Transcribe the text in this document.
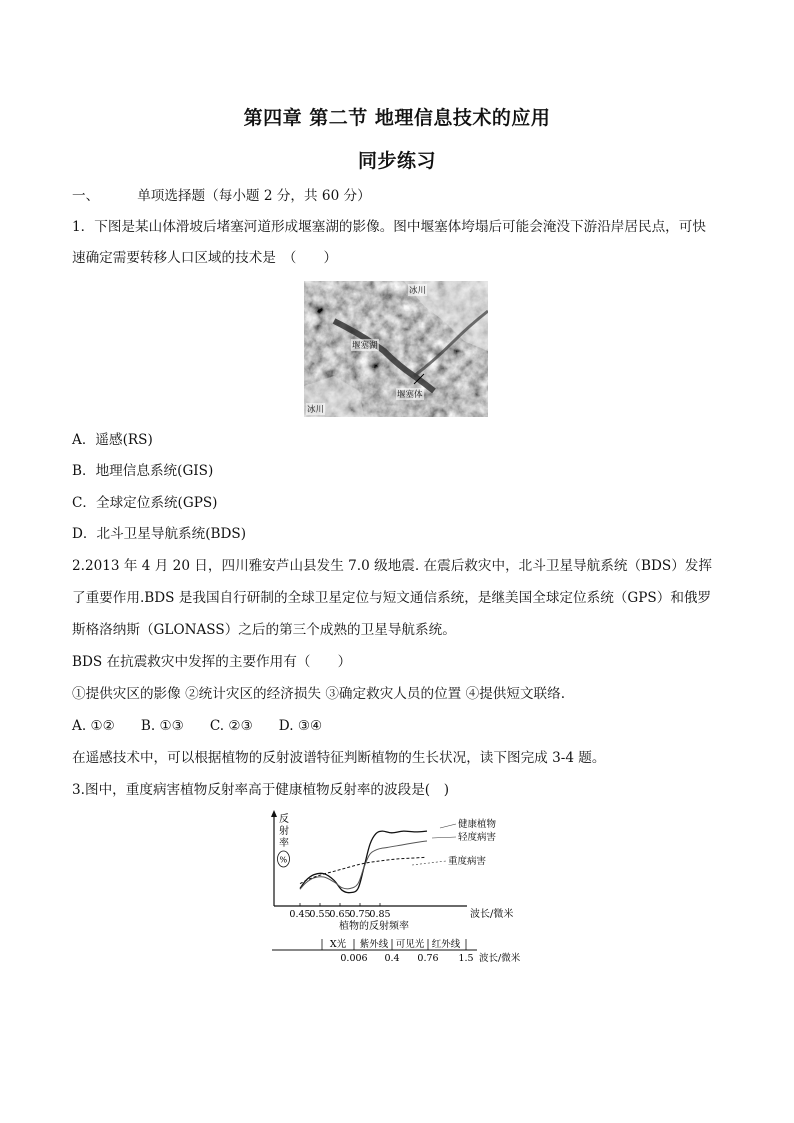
第四章 第二节 地理信息技术的应用
同步练习
一、	单项选择题（每小题 2 分，共 60 分）
1．下图是某山体滑坡后堵塞河道形成堰塞湖的影像。图中堰塞体垮塌后可能会淹没下游沿岸居民点，可快
速确定需要转移人口区域的技术是　（　　）
冰川
堰塞湖
堰塞体
冰川
A．遥感(RS)
B．地理信息系统(GIS)
C．全球定位系统(GPS)
D．北斗卫星导航系统(BDS)
2.2013 年 4 月 20 日，四川雅安芦山县发生 7.0 级地震. 在震后救灾中，北斗卫星导航系统（BDS）发挥
了重要作用.BDS 是我国自行研制的全球卫星定位与短文通信系统，是继美国全球定位系统（GPS）和俄罗
斯格洛纳斯（GLONASS）之后的第三个成熟的卫星导航系统。
BDS 在抗震救灾中发挥的主要作用有（　　）
①提供灾区的影像 ②统计灾区的经济损失 ③确定救灾人员的位置 ④提供短文联络.
A. ①② B. ①③ C. ②③ D. ③④
在遥感技术中，可以根据植物的反射波谱特征判断植物的生长状况，读下图完成 3-4 题。
3.图中，重度病害植物反射率高于健康植物反射率的波段是(　)
反
射
率
%
健康植物
轻度病害
重度病害
0.45
0.55
0.65
0.75
0.85	波长/微米
植物的反射频率
X光 紫外线 可见光 红外线
0.006 0.4 0.76 1.5 波长/微米
